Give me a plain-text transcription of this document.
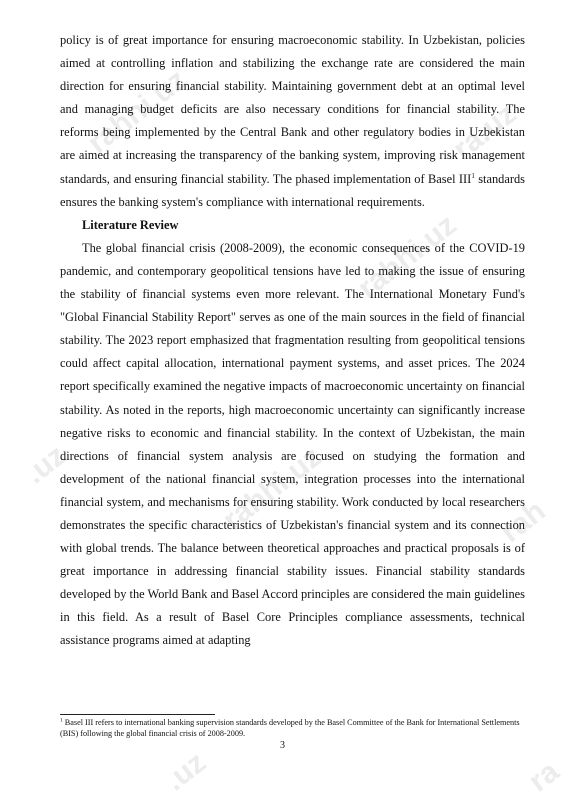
rahhi.uz	ra.uz
.uz	rahhi.uz
rahhi.uz
rah
.uz	ra

policy is of great importance for ensuring macroeconomic stability. In Uzbekistan, policies aimed at controlling inflation and stabilizing the exchange rate are considered the main direction for ensuring financial stability. Maintaining government debt at an optimal level and managing budget deficits are also necessary conditions for financial stability. The reforms being implemented by the Central Bank and other regulatory bodies in Uzbekistan are aimed at increasing the transparency of the banking system, improving risk management standards, and ensuring financial stability. The phased implementation of Basel III$^1$ standards ensures the banking system's compliance with international requirements.

Literature Review

The global financial crisis (2008-2009), the economic consequences of the COVID-19 pandemic, and contemporary geopolitical tensions have led to making the issue of ensuring the stability of financial systems even more relevant. The International Monetary Fund's "Global Financial Stability Report" serves as one of the main sources in the field of financial stability. The 2023 report emphasized that fragmentation resulting from geopolitical tensions could affect capital allocation, international payment systems, and asset prices. The 2024 report specifically examined the negative impacts of macroeconomic uncertainty on financial stability. As noted in the reports, high macroeconomic uncertainty can significantly increase negative risks to economic and financial stability. In the context of Uzbekistan, the main directions of financial system analysis are focused on studying the formation and development of the national financial system, integration processes into the international financial system, and mechanisms for ensuring stability. Work conducted by local researchers demonstrates the specific characteristics of Uzbekistan's financial system and its connection with global trends. The balance between theoretical approaches and practical proposals is of great importance in addressing financial stability issues. Financial stability standards developed by the World Bank and Basel Accord principles are considered the main guidelines in this field. As a result of Basel Core Principles compliance assessments, technical assistance programs aimed at adapting

$^1$ Basel III refers to international banking supervision standards developed by the Basel Committee of the Bank for International Settlements (BIS) following the global financial crisis of 2008-2009.
3
